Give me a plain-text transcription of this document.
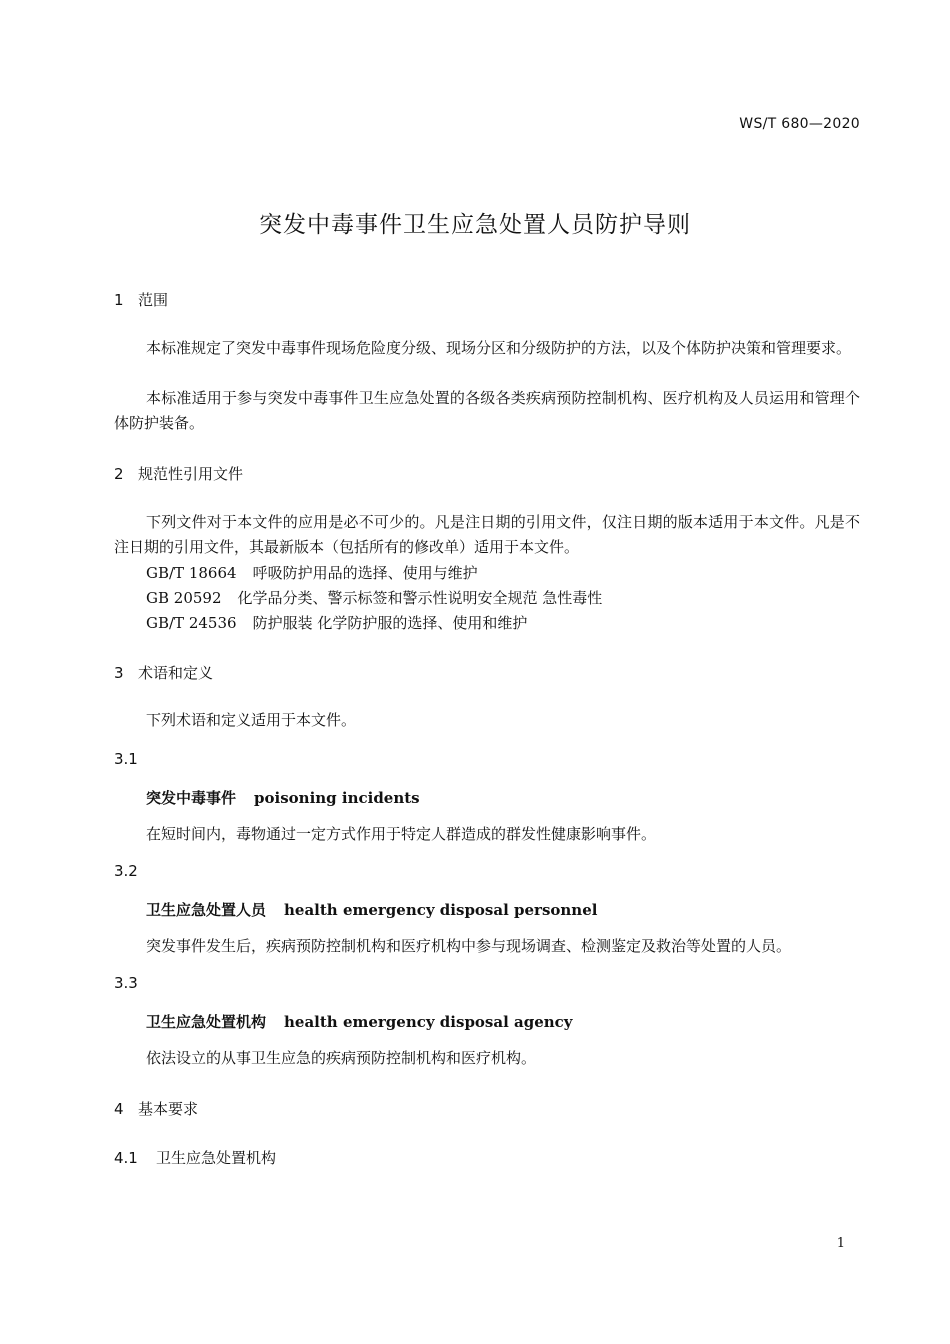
WS/T 680—2020
突发中毒事件卫生应急处置人员防护导则
1 范围
本标准规定了突发中毒事件现场危险度分级、现场分区和分级防护的方法，以及个体防护决策和管理要求。
本标准适用于参与突发中毒事件卫生应急处置的各级各类疾病预防控制机构、医疗机构及人员运用和管理个体防护装备。
2 规范性引用文件
下列文件对于本文件的应用是必不可少的。凡是注日期的引用文件，仅注日期的版本适用于本文件。凡是不注日期的引用文件，其最新版本（包括所有的修改单）适用于本文件。
GB/T 18664 呼吸防护用品的选择、使用与维护
GB 20592 化学品分类、警示标签和警示性说明安全规范 急性毒性
GB/T 24536 防护服装 化学防护服的选择、使用和维护
3 术语和定义
下列术语和定义适用于本文件。
3.1
突发中毒事件 poisoning incidents
在短时间内，毒物通过一定方式作用于特定人群造成的群发性健康影响事件。
3.2
卫生应急处置人员 health emergency disposal personnel
突发事件发生后，疾病预防控制机构和医疗机构中参与现场调查、检测鉴定及救治等处置的人员。
3.3
卫生应急处置机构 health emergency disposal agency
依法设立的从事卫生应急的疾病预防控制机构和医疗机构。
4 基本要求
4.1 卫生应急处置机构
1
